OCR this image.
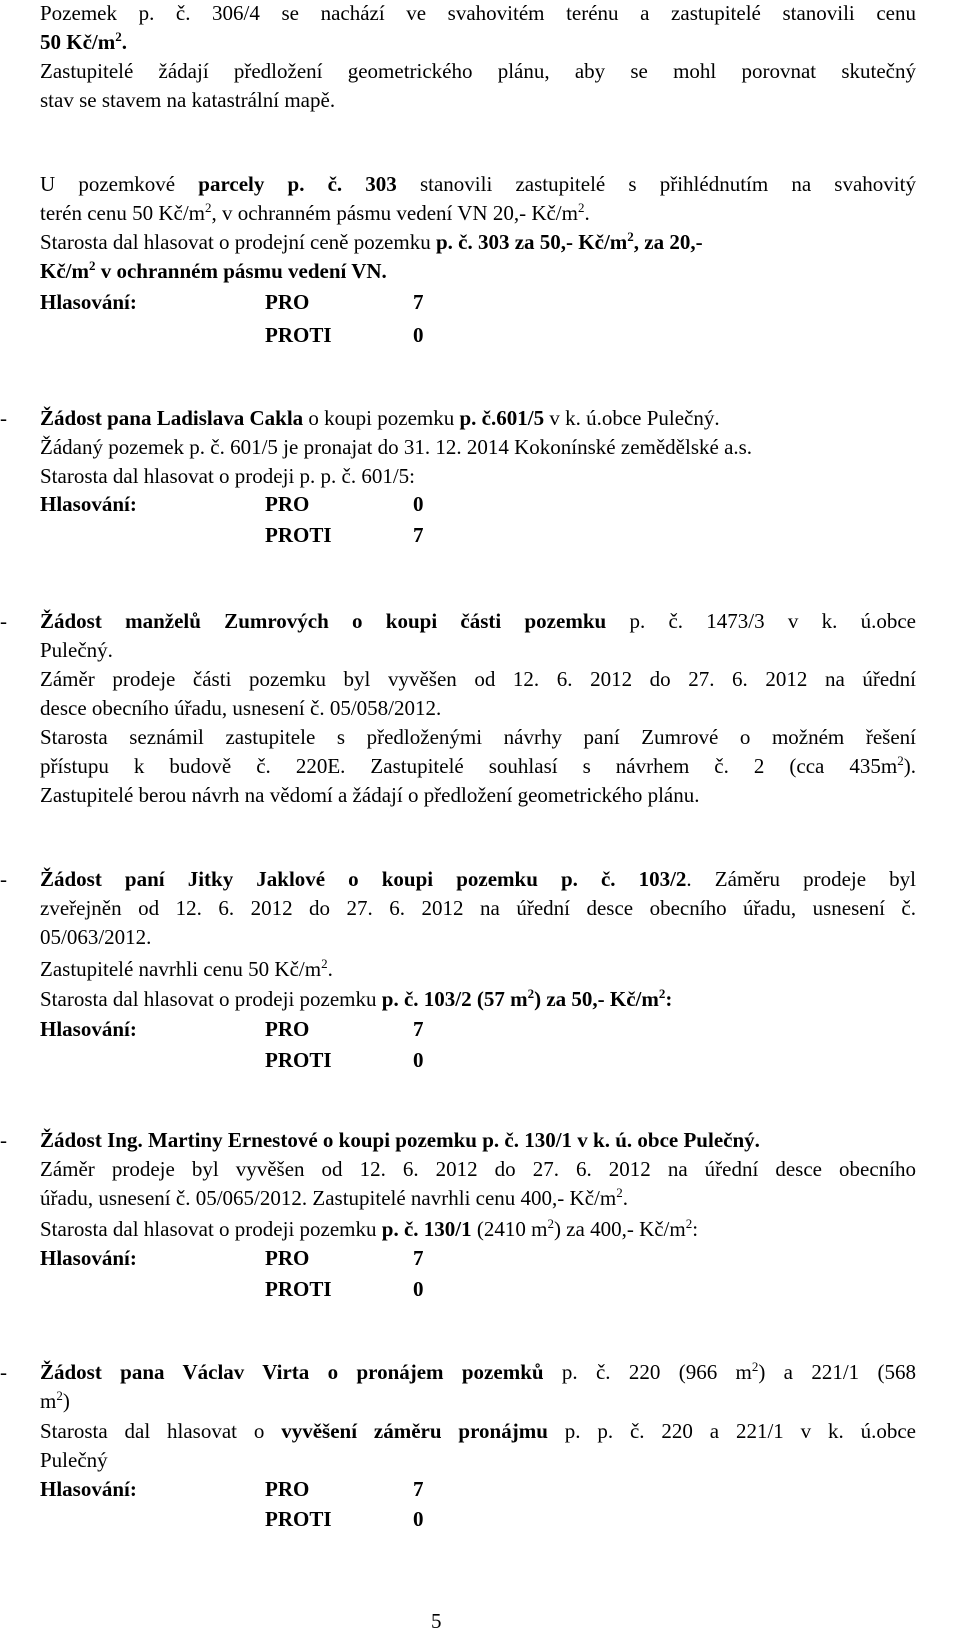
Pozemek p. č. 306/4 se nachází ve svahovitém terénu a zastupitelé stanovili cenu
50 $Kč/m^2$.
Zastupitelé žádají předložení geometrického plánu, aby se mohl porovnat skutečný
stav se stavem na katastrální mapě.
U pozemkové parcely p. č. 303 stanovili zastupitelé s přihlédnutím na svahovitý
terén cenu 50 $Kč/m^2$, v ochranném pásmu vedení VN 20,- $Kč/m^2$.
Starosta dal hlasovat o prodejní ceně pozemku p. č. 303 za 50,- $Kč/m^2$, za 20,-
$Kč/m^2$ v ochranném pásmu vedení VN.
Hlasování:	PRO	7
PROTI	0
- Žádost pana Ladislava Cakla o koupi pozemku p. č.601/5 v k. ú.obce Pulečný.
Žádaný pozemek p. č. 601/5 je pronajat do 31. 12. 2014 Kokonínské zemědělské a.s.
Starosta dal hlasovat o prodeji p. p. č. 601/5:
Hlasování:	PRO	0
PROTI	7
- Žádost manželů Zumrových o koupi části pozemku p. č. 1473/3 v k. ú.obce
Pulečný.
Záměr prodeje části pozemku byl vyvěšen od 12. 6. 2012 do 27. 6. 2012 na úřední
desce obecního úřadu, usnesení č. 05/058/2012.
Starosta seznámil zastupitele s předloženými návrhy paní Zumrové o možném řešení
přístupu k budově č. 220E. Zastupitelé souhlasí s návrhem č. 2 (cca $435m^2$).
Zastupitelé berou návrh na vědomí a žádají o předložení geometrického plánu.
- Žádost paní Jitky Jaklové o koupi pozemku p. č. 103/2. Záměru prodeje byl
zveřejněn od 12. 6. 2012 do 27. 6. 2012 na úřední desce obecního úřadu, usnesení č.
05/063/2012.
Zastupitelé navrhli cenu 50 $Kč/m^2$.
Starosta dal hlasovat o prodeji pozemku p. č. 103/2 (57 $m^2$) za 50,- $Kč/m^2$:
Hlasování:	PRO	7
PROTI	0
- Žádost Ing. Martiny Ernestové o koupi pozemku p. č. 130/1 v k. ú. obce Pulečný.
Záměr prodeje byl vyvěšen od 12. 6. 2012 do 27. 6. 2012 na úřední desce obecního
úřadu, usnesení č. 05/065/2012. Zastupitelé navrhli cenu 400,- $Kč/m^2$.
Starosta dal hlasovat o prodeji pozemku p. č. 130/1 (2410 $m^2$) za 400,- $Kč/m^2$:
Hlasování:	PRO	7
PROTI	0
- Žádost pana Václav Virta o pronájem pozemků p. č. 220 (966 $m^2$) a 221/1 (568
$m^2$)
Starosta dal hlasovat o vyvěšení záměru pronájmu p. p. č. 220 a 221/1 v k. ú.obce
Pulečný
Hlasování:	PRO	7
PROTI	0
5
